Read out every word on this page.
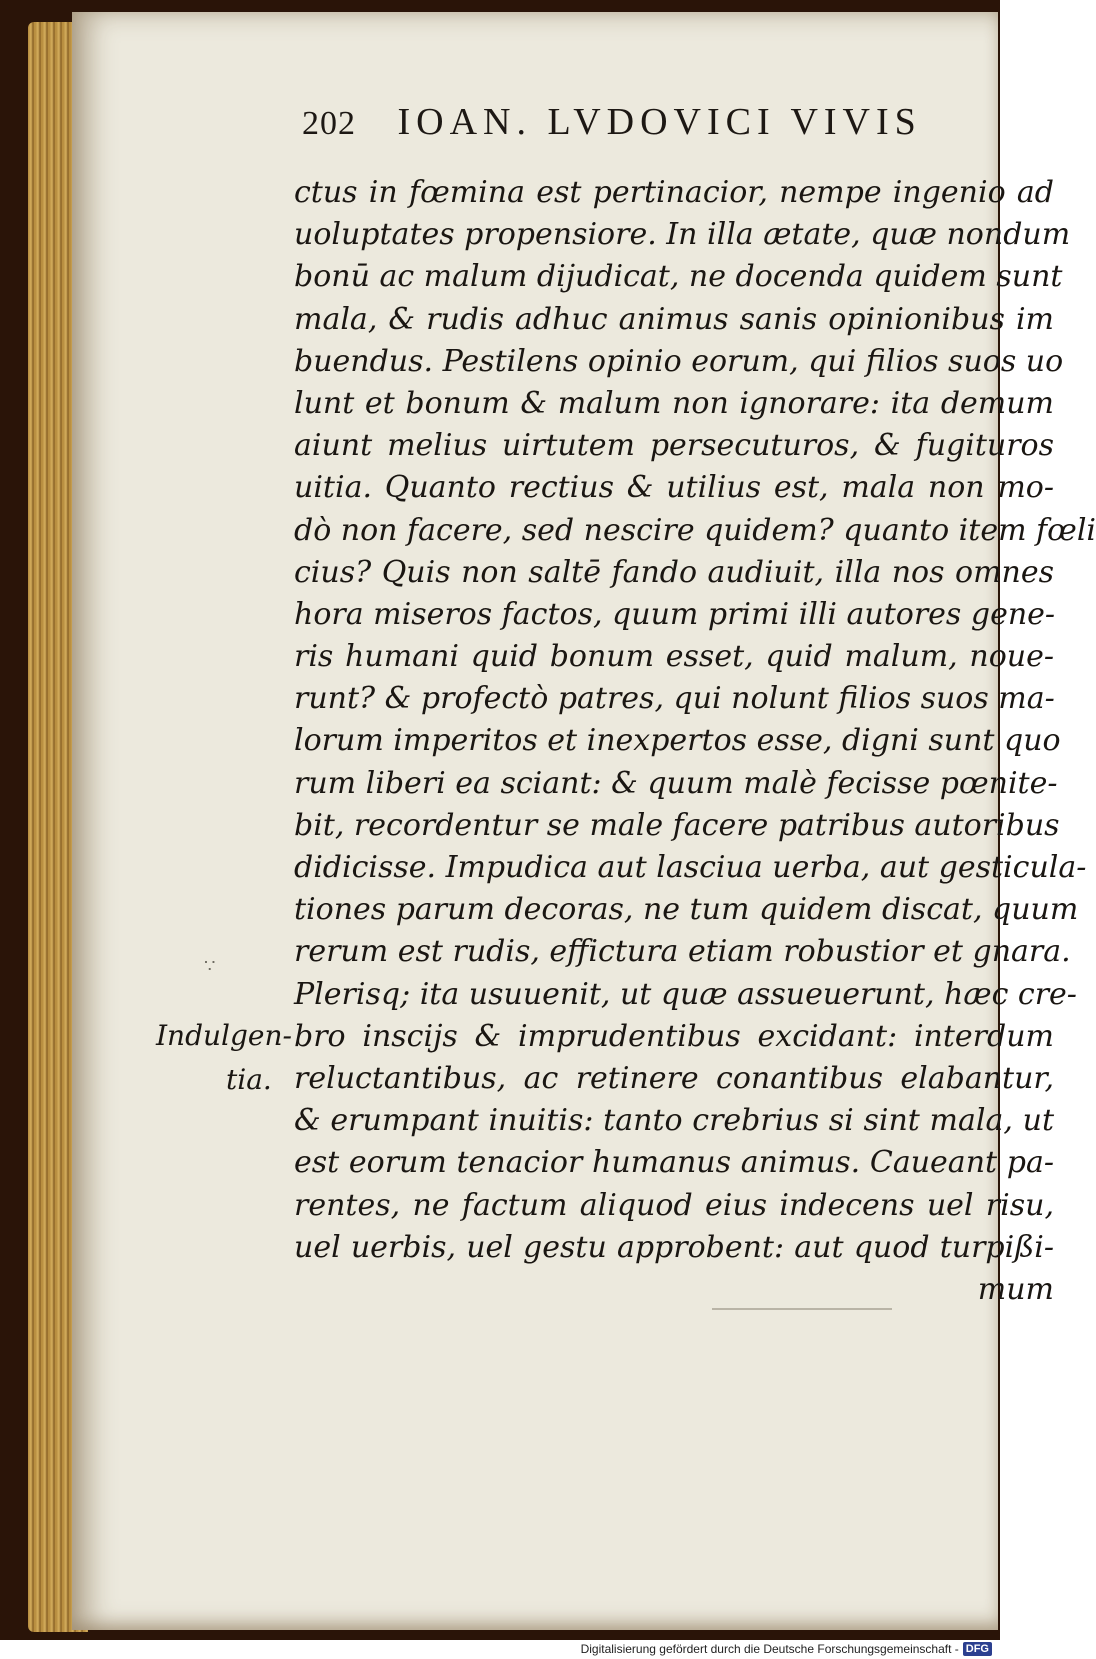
202 IOAN. LVDOVICI VIVIS
∵
Indulgen-
tia.
ctus in fœmina est pertinacior, nempe ingenio ad
uoluptates propensiore. In illa ætate, quæ nondum
bonū ac malum dijudicat, ne docenda quidem sunt
mala, & rudis adhuc animus sanis opinionibus im
buendus. Pestilens opinio eorum, qui filios suos uo
lunt et bonum & malum non ignorare: ita demum
aiunt melius uirtutem persecuturos, & fugituros
uitia. Quanto rectius & utilius est, mala non mo-
dò non facere, sed nescire quidem? quanto item fœli
cius? Quis non saltē fando audiuit, illa nos omnes
hora miseros factos, quum primi illi autores gene-
ris humani quid bonum esset, quid malum, noue-
runt? & profectò patres, qui nolunt filios suos ma-
lorum imperitos et inexpertos esse, digni sunt quo
rum liberi ea sciant: & quum malè fecisse pœnite-
bit, recordentur se male facere patribus autoribus
didicisse. Impudica aut lasciua uerba, aut gesticula-
tiones parum decoras, ne tum quidem discat, quum
rerum est rudis, effictura etiam robustior et gnara.
Plerisq; ita usuuenit, ut quæ assueuerunt, hæc cre-
bro inscijs & imprudentibus excidant: interdum
reluctantibus, ac retinere conantibus elabantur,
& erumpant inuitis: tanto crebrius si sint mala, ut
est eorum tenacior humanus animus. Caueant pa-
rentes, ne factum aliquod eius indecens uel risu,
uel uerbis, uel gestu approbent: aut quod turpißi-
mum
Digitalisierung gefördert durch die Deutsche Forschungsgemeinschaft - DFG
